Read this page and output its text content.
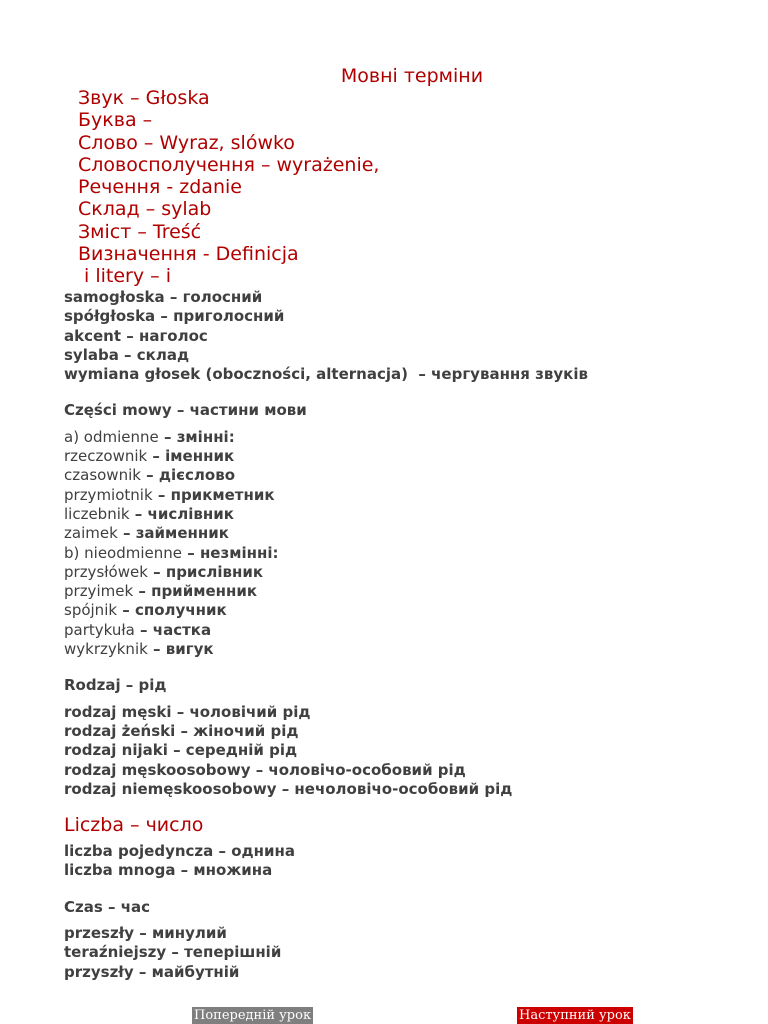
Мовні терміни
Звук – Głoska
Буква –
Слово – Wyraz, slówko
Словосполучення – wyrażenie,
Речення - zdanie
Склад – sylab
Зміст – Treść
Визначення - Definicja
i litery – i
samogłoska – голосний
spółgłoska – приголосний
akcent – наголос
sylaba – склад
wymiana głosek (oboczności, alternacja)  – чергування звуків
Części mowy – частини мови
a) odmienne – змінні:
rzeczownik – іменник
czasownik – дієслово
przymiotnik – прикметник
liczebnik – числівник
zaimek – займенник
b) nieodmienne – незмінні:
przysłówek – прислівник
przyimek – прийменник
spójnik – сполучник
partykuła – частка
wykrzyknik – вигук
Rodzaj – рід
rodzaj męski – чоловічий рід
rodzaj żeński – жіночий рід
rodzaj nijaki – середній рід
rodzaj męskoosobowy – чоловічо-особовий рід
rodzaj niemęskoosobowy – нечоловічо-особовий рід
Liczba – число
liczba pojedyncza – однина
liczba mnoga – множина
Czas – час
przeszły – минулий
teraźniejszy – теперішній
przyszły – майбутній
Попередній урок	Наступний урок
